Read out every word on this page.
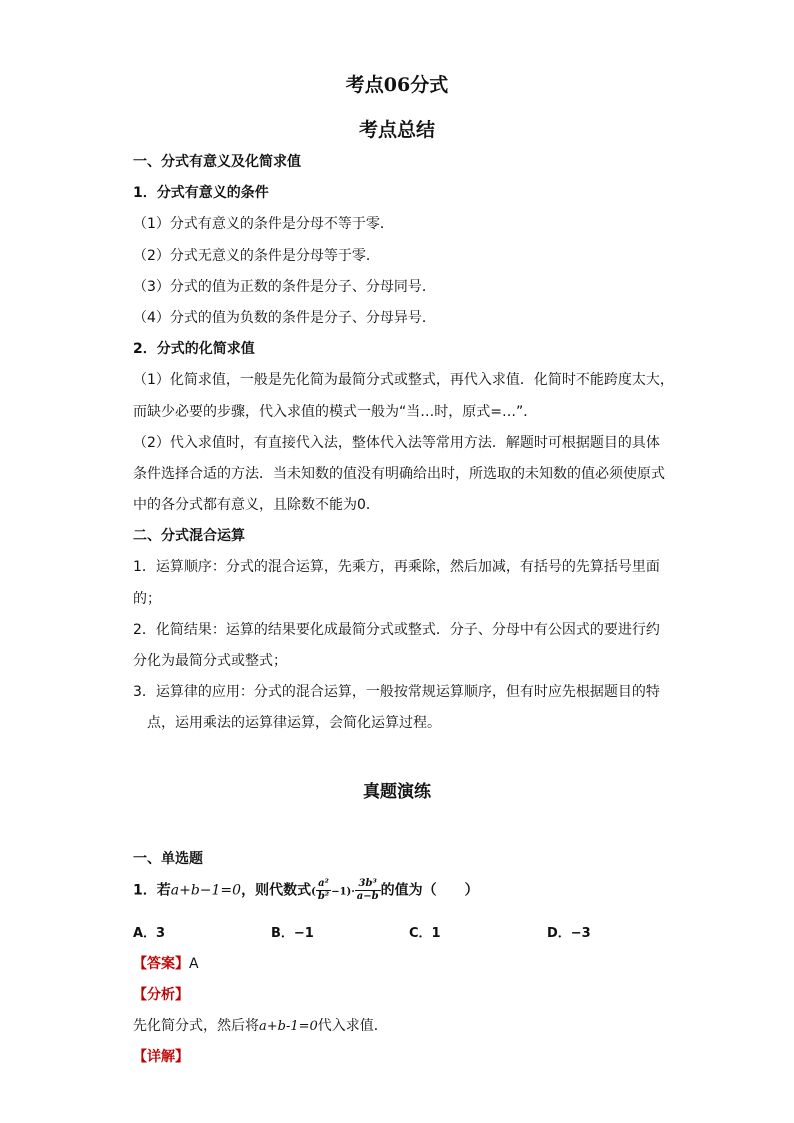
考点06分式
考点总结
一、分式有意义及化简求值
1．分式有意义的条件
（1）分式有意义的条件是分母不等于零．
（2）分式无意义的条件是分母等于零．
（3）分式的值为正数的条件是分子、分母同号．
（4）分式的值为负数的条件是分子、分母异号．
2．分式的化简求值
（1）化简求值，一般是先化简为最简分式或整式，再代入求值．化简时不能跨度太大，
而缺少必要的步骤，代入求值的模式一般为“当…时，原式=…”．
（2）代入求值时，有直接代入法，整体代入法等常用方法．解题时可根据题目的具体
条件选择合适的方法．当未知数的值没有明确给出时，所选取的未知数的值必须使原式
中的各分式都有意义，且除数不能为0．
二、分式混合运算
1．运算顺序：分式的混合运算，先乘方，再乘除，然后加减，有括号的先算括号里面
的；
2．化简结果：运算的结果要化成最简分式或整式．分子、分母中有公因式的要进行约
分化为最简分式或整式；
3．运算律的应用：分式的混合运算，一般按常规运算顺序，但有时应先根据题目的特
点，运用乘法的运算律运算，会简化运算过程。
真题演练
一、单选题
1．若a+b−1=0，则代数式( $\frac{\text{a²}}{\text{b²}} -1)\cdot \frac{\text{3b³}}{a-b}$ 的值为（　　）
A．3	B．−1	C．1	D．−3
【答案】A
【分析】
先化简分式，然后将a+b-1=0代入求值．
【详解】
